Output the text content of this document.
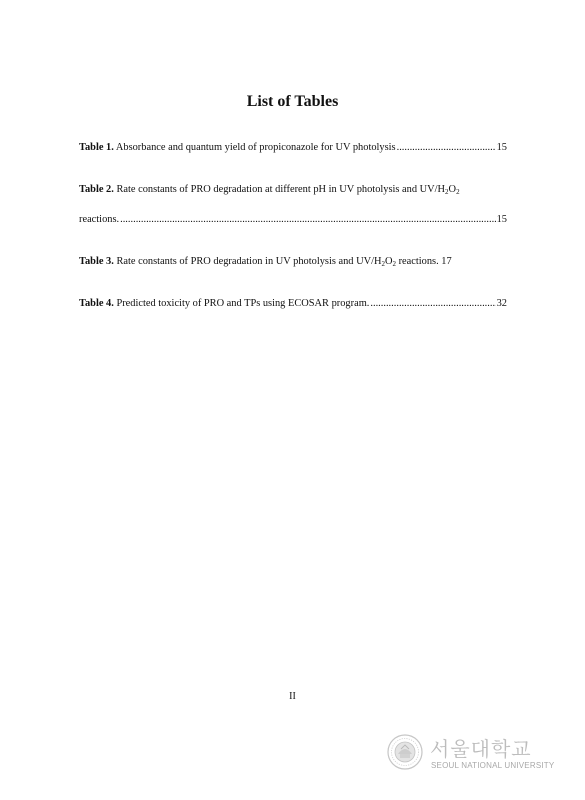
List of Tables
Table 1. Absorbance and quantum yield of propiconazole for UV photolysis .....	15
Table 2. Rate constants of PRO degradation at different pH in UV photolysis and $UV/H_2O_2$
reactions. .....	15
Table 3. Rate constants of PRO degradation in UV photolysis and $UV/H_2O_2$ reactions. 17
Table 4. Predicted toxicity of PRO and TPs using ECOSAR program. .....	32
II
서울대학교
SEOUL NATIONAL UNIVERSITY
